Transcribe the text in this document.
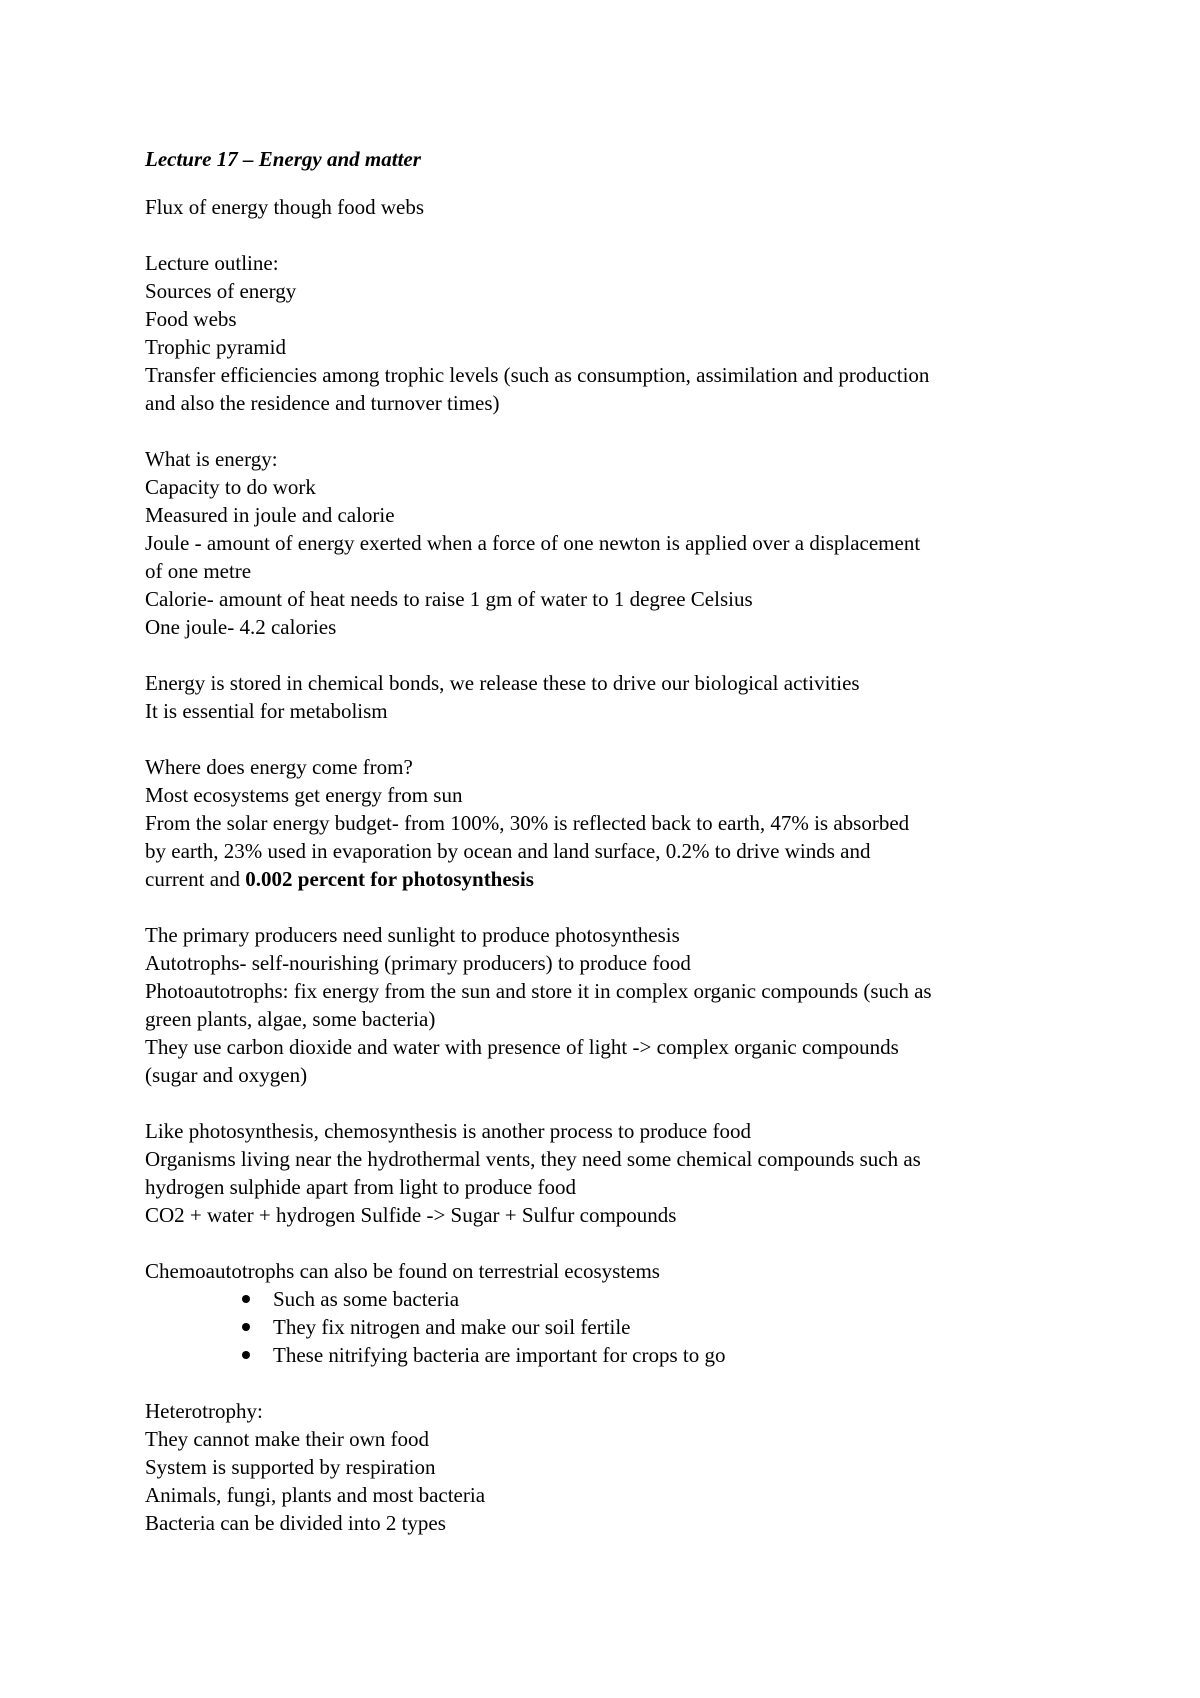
Lecture 17 – Energy and matter
Flux of energy though food webs
Lecture outline:
Sources of energy
Food webs
Trophic pyramid
Transfer efficiencies among trophic levels (such as consumption, assimilation and production
and also the residence and turnover times)
What is energy:
Capacity to do work
Measured in joule and calorie
Joule - amount of energy exerted when a force of one newton is applied over a displacement
of one metre
Calorie- amount of heat needs to raise 1 gm of water to 1 degree Celsius
One joule- 4.2 calories
Energy is stored in chemical bonds, we release these to drive our biological activities
It is essential for metabolism
Where does energy come from?
Most ecosystems get energy from sun
From the solar energy budget- from 100%, 30% is reflected back to earth, 47% is absorbed
by earth, 23% used in evaporation by ocean and land surface, 0.2% to drive winds and
current and 0.002 percent for photosynthesis
The primary producers need sunlight to produce photosynthesis
Autotrophs- self-nourishing (primary producers) to produce food
Photoautotrophs: fix energy from the sun and store it in complex organic compounds (such as
green plants, algae, some bacteria)
They use carbon dioxide and water with presence of light -> complex organic compounds
(sugar and oxygen)
Like photosynthesis, chemosynthesis is another process to produce food
Organisms living near the hydrothermal vents, they need some chemical compounds such as
hydrogen sulphide apart from light to produce food
CO2 + water + hydrogen Sulfide -> Sugar + Sulfur compounds
Chemoautotrophs can also be found on terrestrial ecosystems
Such as some bacteria
They fix nitrogen and make our soil fertile
These nitrifying bacteria are important for crops to go
Heterotrophy:
They cannot make their own food
System is supported by respiration
Animals, fungi, plants and most bacteria
Bacteria can be divided into 2 types
